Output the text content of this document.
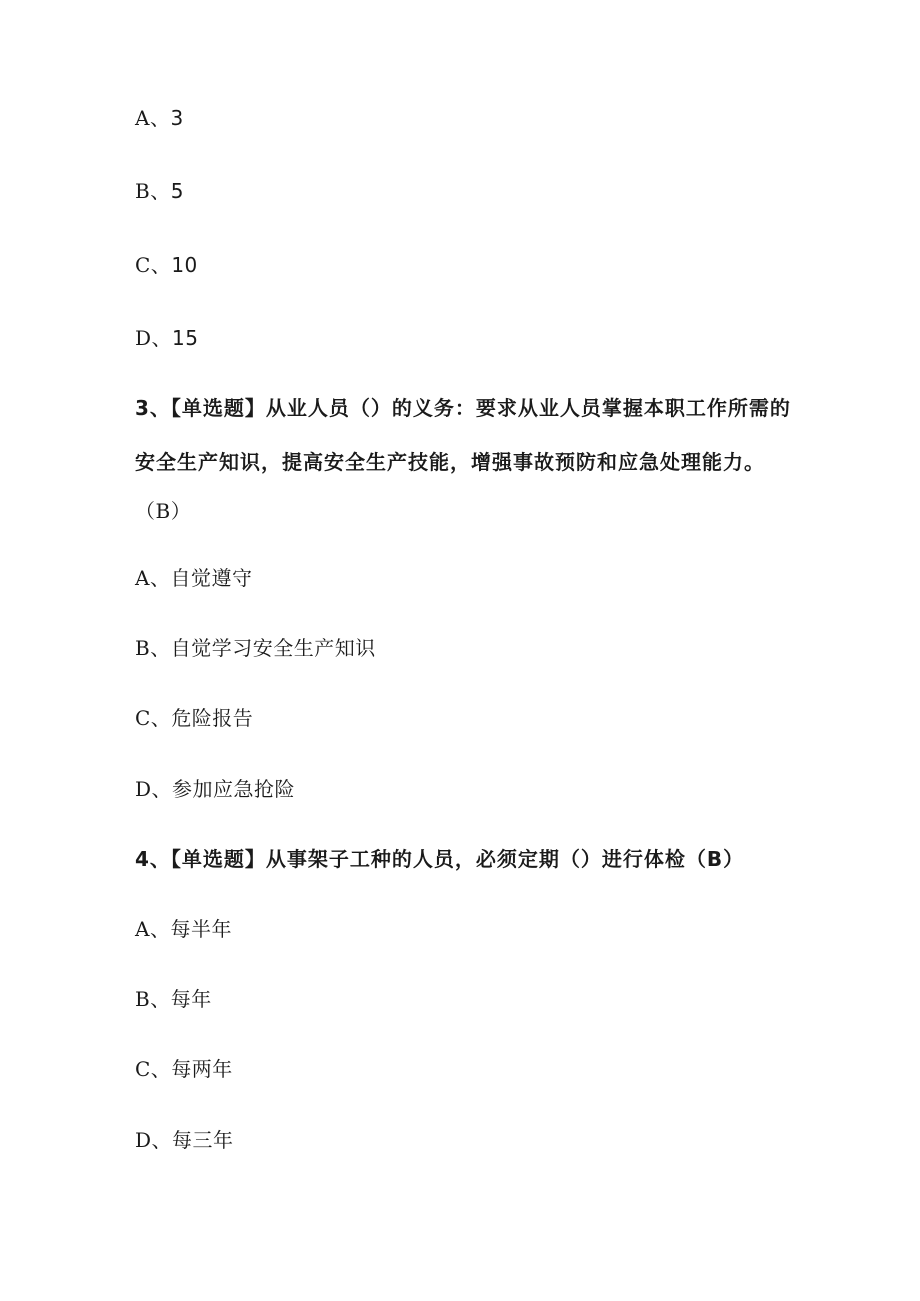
A、3
B、5
C、10
D、15
3、【单选题】从业人员（）的义务：要求从业人员掌握本职工作所需的
安全生产知识，提高安全生产技能，增强事故预防和应急处理能力。
（B）
A、自觉遵守
B、自觉学习安全生产知识
C、危险报告
D、参加应急抢险
4、【单选题】从事架子工种的人员，必须定期（）进行体检（B）
A、每半年
B、每年
C、每两年
D、每三年
